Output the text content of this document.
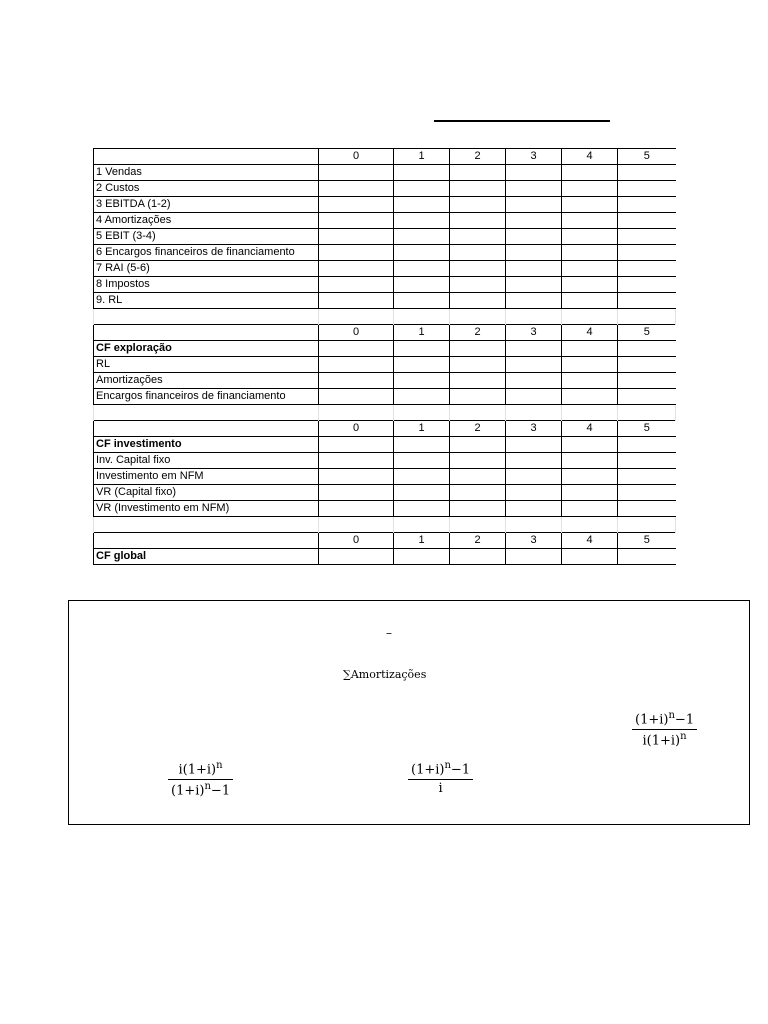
	0	1	2	3	4	5
1 Vendas						
2 Custos						
3 EBITDA (1-2)						
4 Amortizações						
5 EBIT (3-4)						
6 Encargos financeiros de financiamento						
7 RAI (5-6)						
8 Impostos						
9. RL						

	0	1	2	3	4	5
CF exploração						
RL						
Amortizações						
Encargos financeiros de financiamento						

	0	1	2	3	4	5
CF investimento						
Inv. Capital fixo						
Investimento em NFM						
VR (Capital fixo)						
VR (Investimento em NFM)						

	0	1	2	3	4	5
CF global						
–
∑Amortizações
$\frac{(1+i)^n-1}{i(1+i)^n}$
$\frac{i(1+i)^n}{(1+i)^n-1}$	$\frac{(1+i)^n-1}{i}$
